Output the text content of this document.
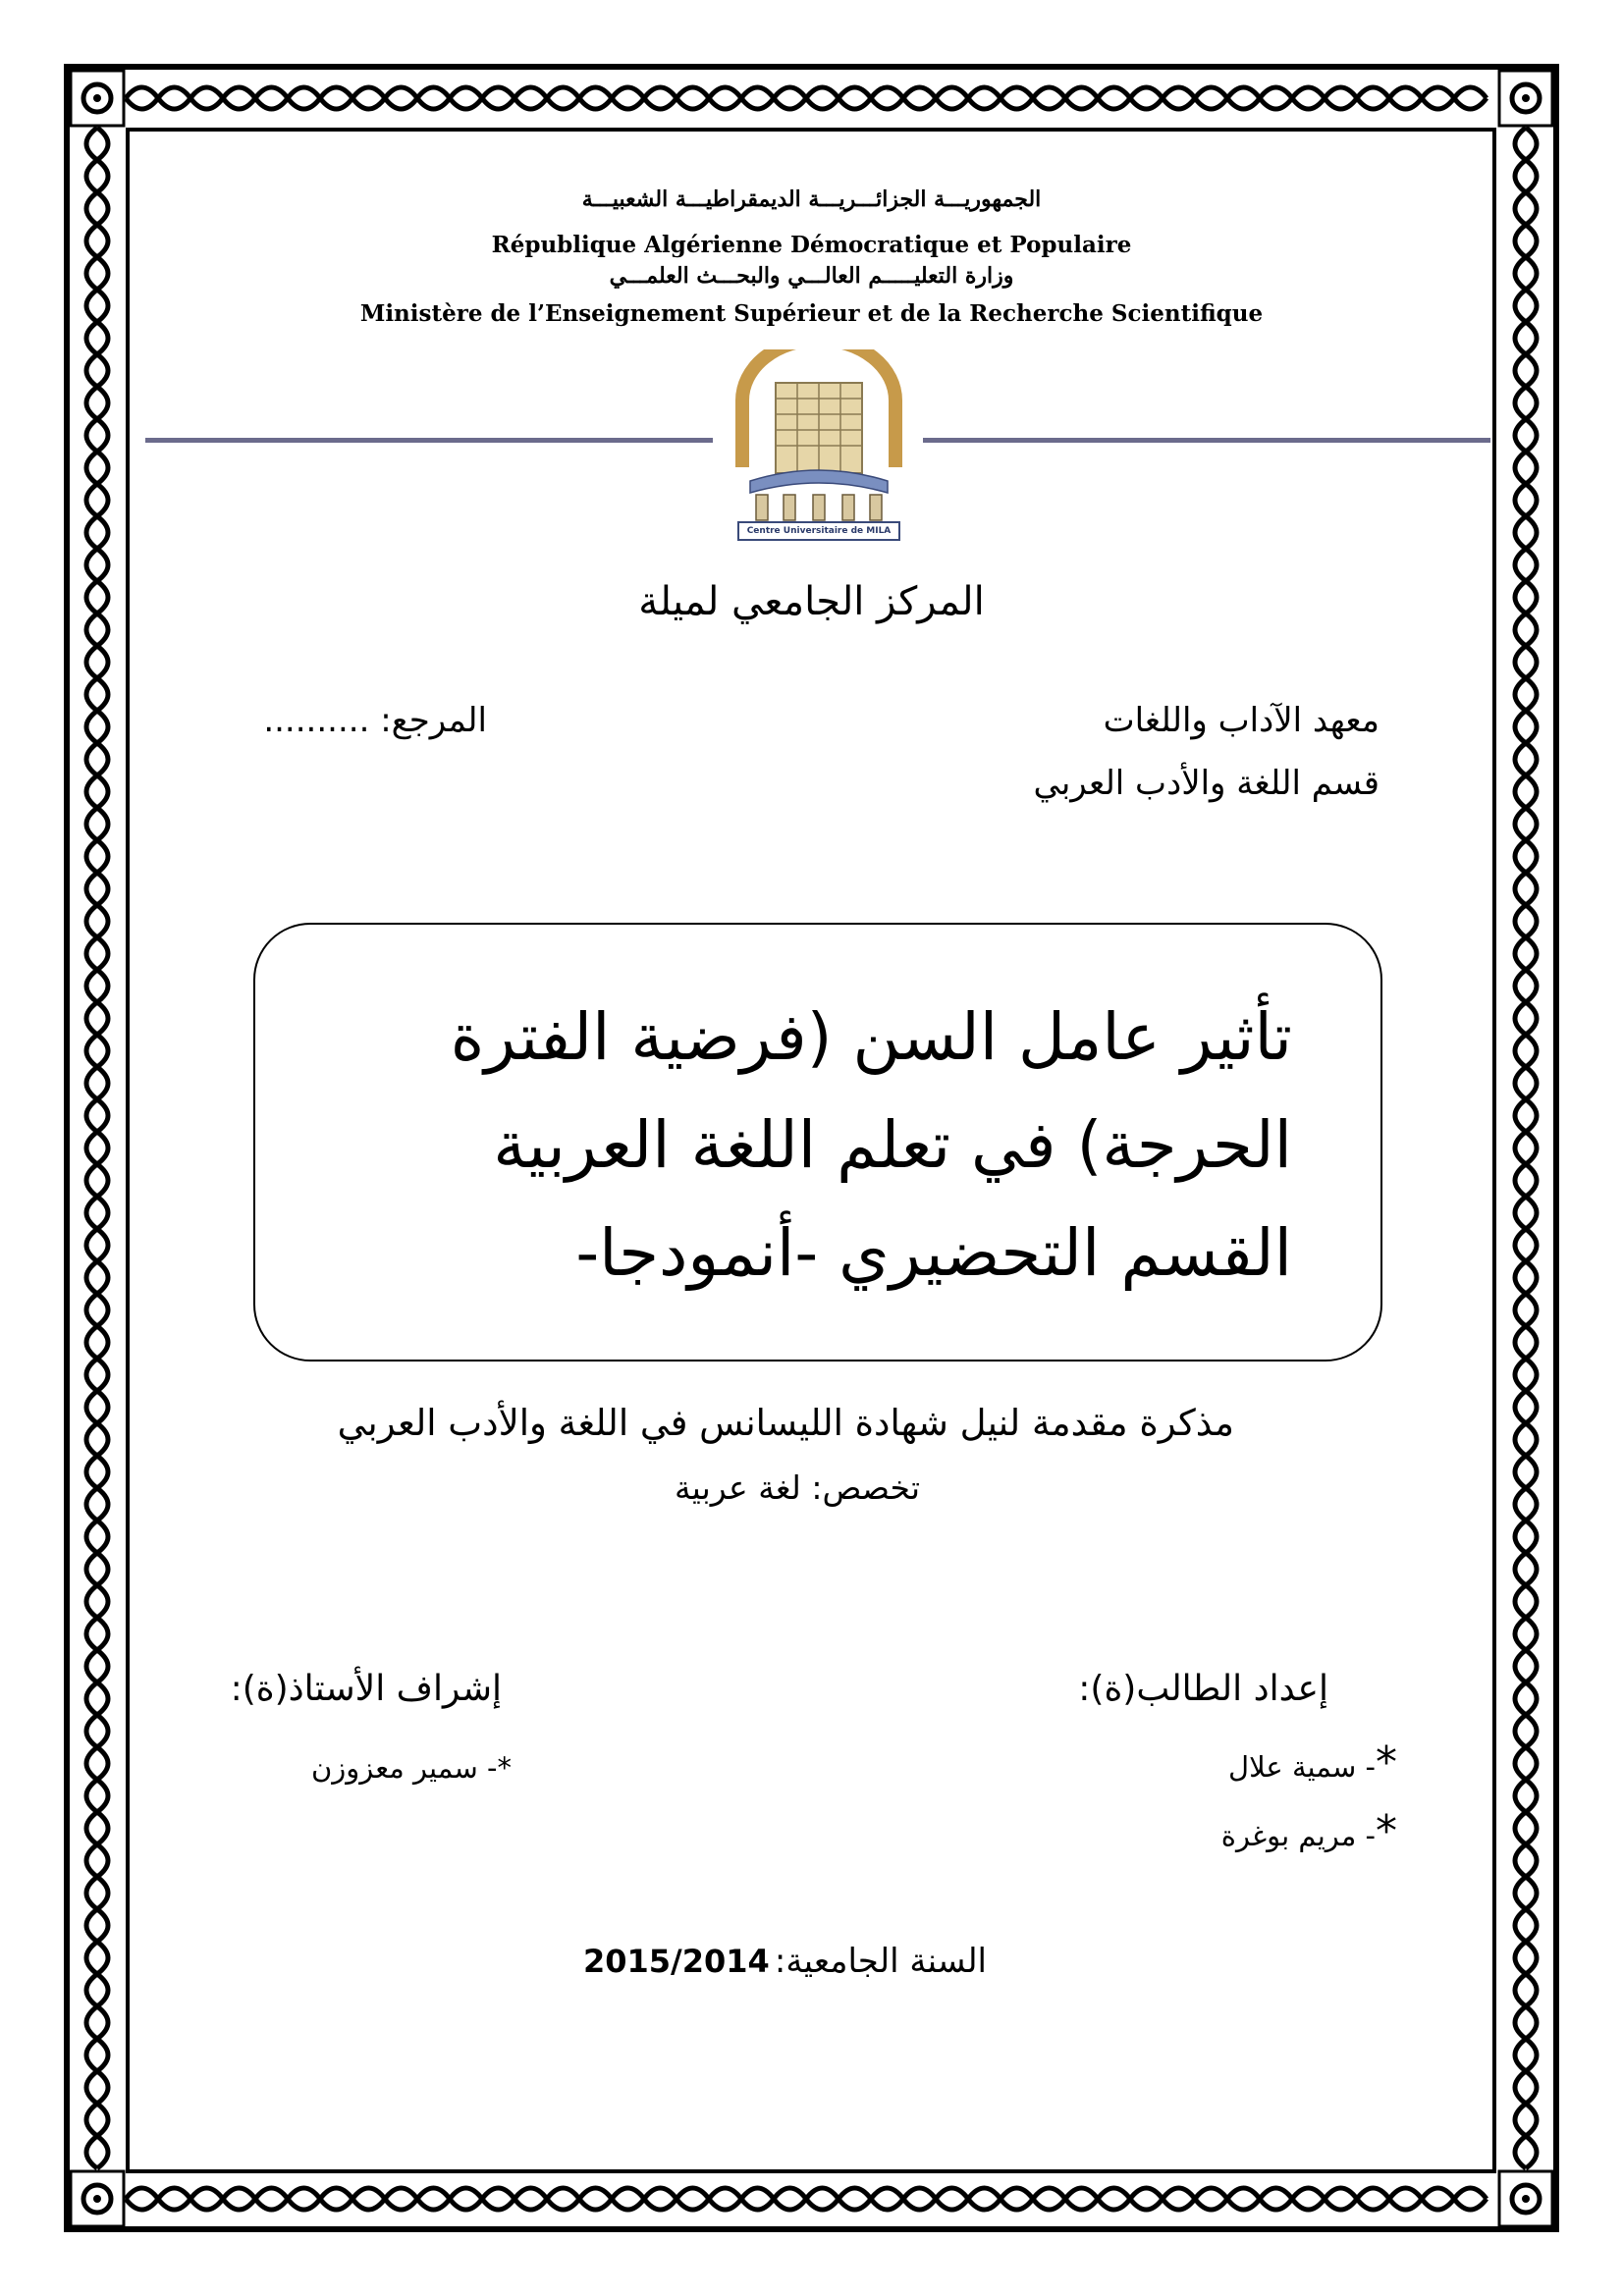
الجمهوريـــة الجزائـــريـــة الديمقراطيـــة الشعبيـــة
République Algérienne Démocratique et Populaire
وزارة التعليـــــم العالـــي والبحـــث العلمـــي
Ministère de l’Enseignement Supérieur et de la Recherche Scientifique
Centre Universitaire de MILA
المركز الجامعي لميلة
معهد الآداب واللغات
قسم اللغة والأدب العربي
المرجع: ..........
تأثير عامل السن (فرضية الفترة
الحرجة) في تعلم اللغة العربية
القسم التحضيري -أنمودجا-
مذكرة مقدمة لنيل شهادة الليسانس في اللغة والأدب العربي
تخصص: لغة عربية
إعداد الطالب(ة):
*- سمية علال
*- مريم بوغرة
إشراف الأستاذ(ة):
*- سمير معزوزن
السنة الجامعية: 2015/2014
